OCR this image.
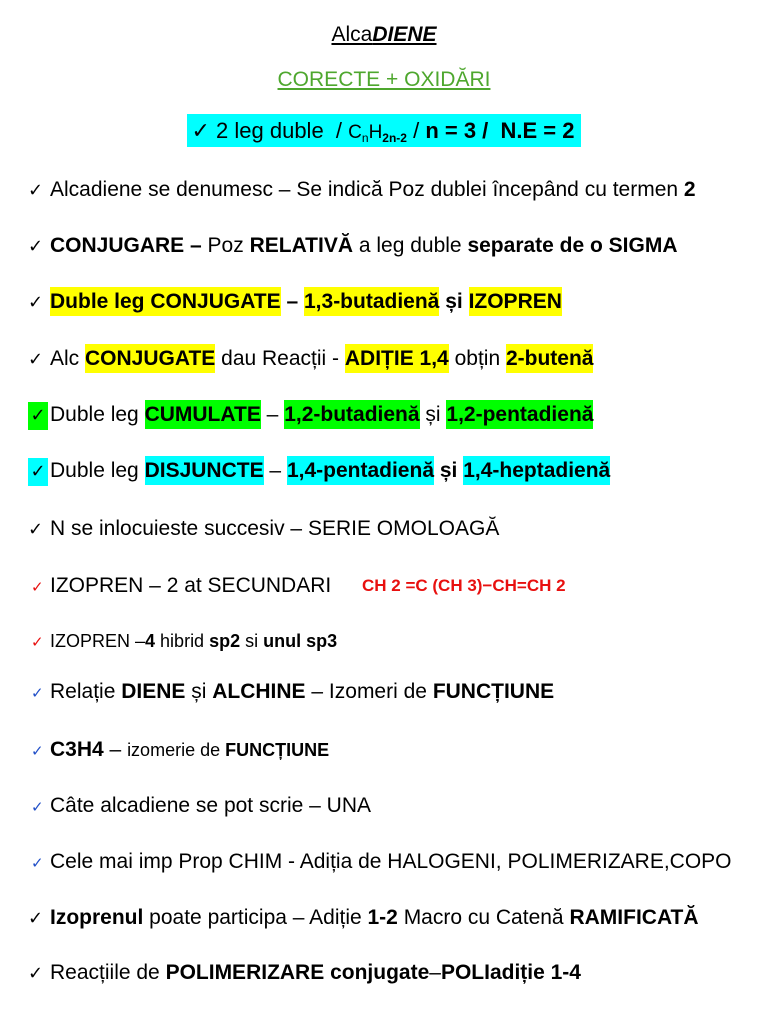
AlcaDIENE
CORECTE + OXIDĂRI
✓ 2 leg duble  / $C_nH_{2n-2} / n = 3 / N.E = 2$
✓ Alcadiene se denumesc – Se indică Poz dublei începând cu termen 2
✓ CONJUGARE – Poz RELATIVĂ a leg duble separate de o SIGMA
✓ Duble leg CONJUGATE – 1,3-butadienă și IZOPREN
✓ Alc CONJUGATE dau Reacții - ADIȚIE 1,4 obțin 2-butenă
✓ Duble leg CUMULATE – 1,2-butadienă și 1,2-pentadienă
✓ Duble leg DISJUNCTE – 1,4-pentadienă și 1,4-heptadienă
✓ N se inlocuieste succesiv – SERIE OMOLOAGĂ
✓ IZOPREN – 2 at SECUNDARI CH 2 =C (CH 3)−CH=CH 2
✓ IZOPREN –4 hibrid sp2 si unul sp3
✓ Relație DIENE și ALCHINE – Izomeri de FUNCȚIUNE
✓ C3H4 – izomerie de FUNCȚIUNE
✓ Câte alcadiene se pot scrie – UNA
✓ Cele mai imp Prop CHIM - Adiția de HALOGENI, POLIMERIZARE,COPO
✓ Izoprenul poate participa – Adiție 1-2 Macro cu Catenă RAMIFICATĂ
✓ Reacțiile de POLIMERIZARE conjugate–POLIadiție 1-4
